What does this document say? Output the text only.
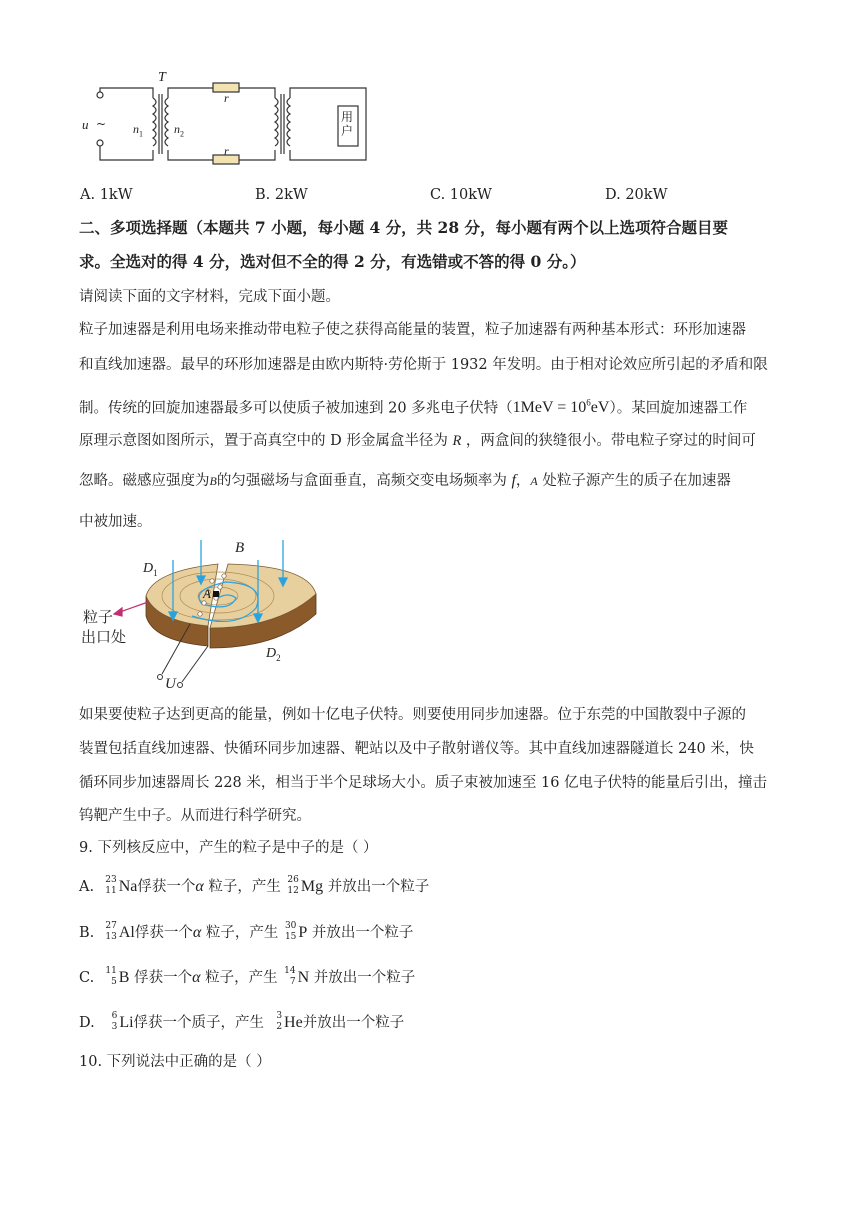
T
u ~ $n_1$	$n_2$
r
r
用户
A. 1kW	B. 2kW	C. 10kW	D. 20kW
二、多项选择题（本题共 7 小题，每小题 4 分，共 28 分，每小题有两个以上选项符合题目要
求。全选对的得 4 分，选对但不全的得 2 分，有选错或不答的得 0 分。）
请阅读下面的文字材料，完成下面小题。
粒子加速器是利用电场来推动带电粒子使之获得高能量的装置，粒子加速器有两种基本形式：环形加速器
和直线加速器。最早的环形加速器是由欧内斯特·劳伦斯于 1932 年发明。由于相对论效应所引起的矛盾和限
制。传统的回旋加速器最多可以使质子被加速到 20 多兆电子伏特$(1MeV = 10^6eV)$。某回旋加速器工作
原理示意图如图所示，置于高真空中的 D 形金属盒半径为 R ，两盒间的狭缝很小。带电粒子穿过的时间可
忽略。磁感应强度为B的匀强磁场与盒面垂直，高频交变电场频率为 f，A 处粒子源产生的质子在加速器
中被加速。
B
$D_1$
A
$D_2$
U
粒子
出口处
如果要使粒子达到更高的能量，例如十亿电子伏特。则要使用同步加速器。位于东莞的中国散裂中子源的
装置包括直线加速器、快循环同步加速器、靶站以及中子散射谱仪等。其中直线加速器隧道长 240 米，快
循环同步加速器周长 228 米，相当于半个足球场大小。质子束被加速至 16 亿电子伏特的能量后引出，撞击
钨靶产生中子。从而进行科学研究。
9. 下列核反应中，产生的粒子是中子的是（ ）
A. 23
11 Na俘获一个α 粒子，产生 26
12 Mg 并放出一个粒子
B. 27
13 Al俘获一个α 粒子，产生 30
15 P 并放出一个粒子
C. 11
5 B 俘获一个α 粒子，产生 14
7 N 并放出一个粒子
D. 6
3 Li俘获一个质子，产生 3
2 He并放出一个粒子
10. 下列说法中正确的是（ ）
